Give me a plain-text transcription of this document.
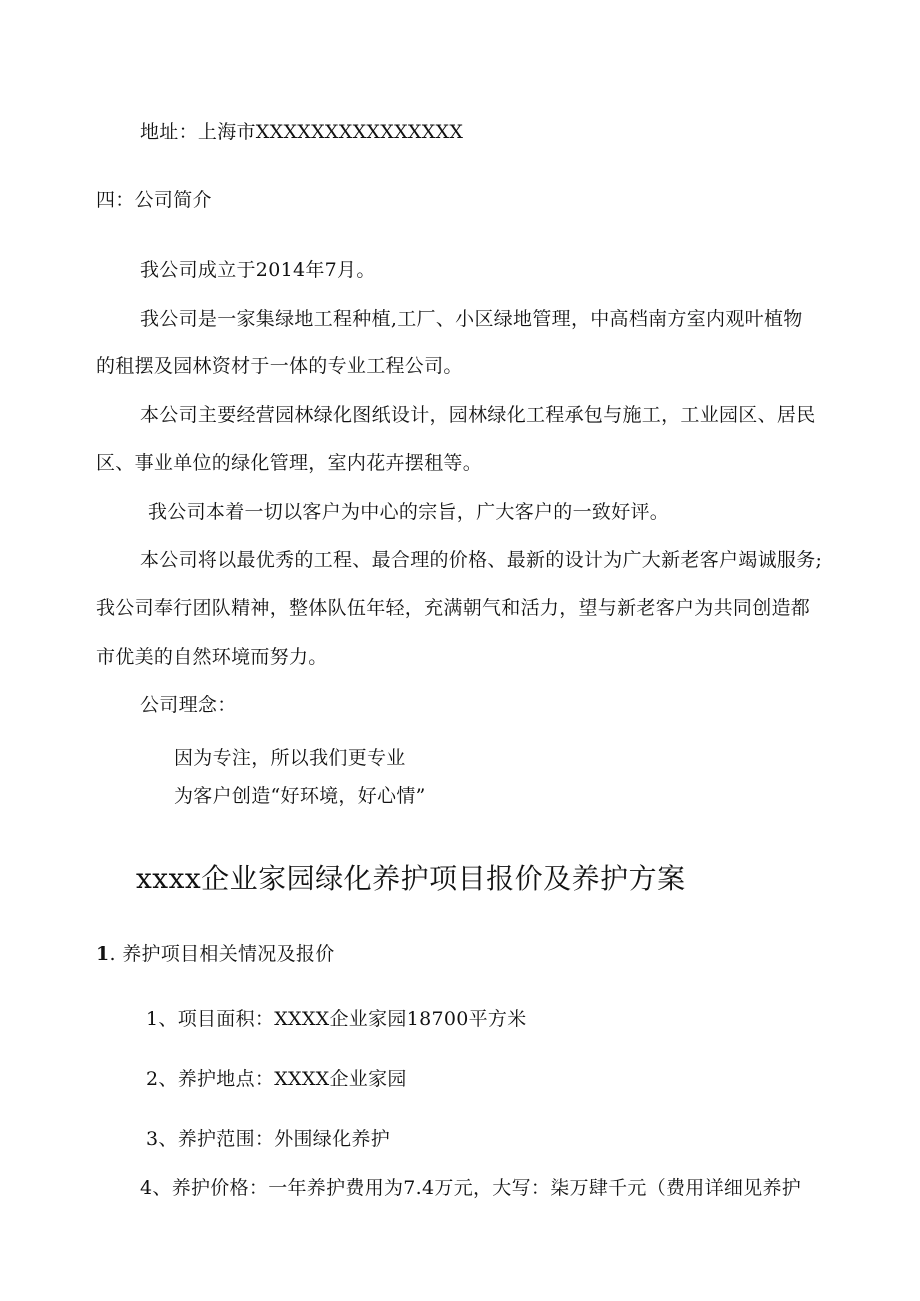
地址：上海市XXXXXXXXXXXXXXX
四：公司简介
我公司成立于2014年7月。
我公司是一家集绿地工程种植,工厂、小区绿地管理，中高档南方室内观叶植物
的租摆及园林资材于一体的专业工程公司。
本公司主要经营园林绿化图纸设计，园林绿化工程承包与施工，工业园区、居民
区、事业单位的绿化管理，室内花卉摆租等。
我公司本着一切以客户为中心的宗旨，广大客户的一致好评。
本公司将以最优秀的工程、最合理的价格、最新的设计为广大新老客户竭诚服务;
我公司奉行团队精神，整体队伍年轻，充满朝气和活力，望与新老客户为共同创造都
市优美的自然环境而努力。
公司理念：
因为专注，所以我们更专业
为客户创造“好环境，好心情”
xxxx企业家园绿化养护项目报价及养护方案
1. 养护项目相关情况及报价
1、项目面积：XXXX企业家园18700平方米
2、养护地点：XXXX企业家园
3、养护范围：外围绿化养护
4、养护价格：一年养护费用为7.4万元，大写：柒万肆千元（费用详细见养护
